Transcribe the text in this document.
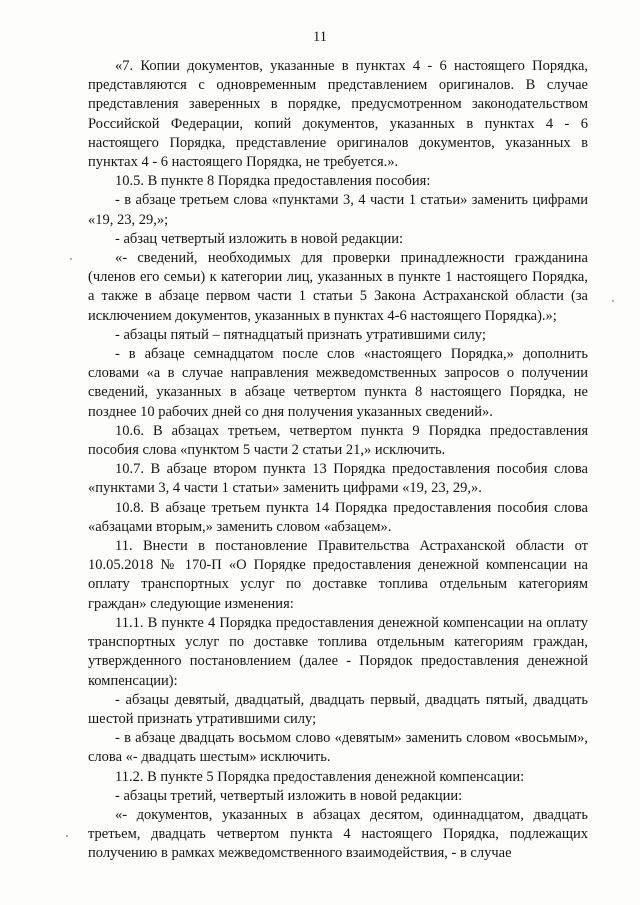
11

«7. Копии документов, указанные в пунктах 4 - 6 настоящего Порядка, представляются с одновременным представлением оригиналов. В случае представления заверенных в порядке, предусмотренном законодательством Российской Федерации, копий документов, указанных в пунктах 4 - 6 настоящего Порядка, представление оригиналов документов, указанных в пунктах 4 - 6 настоящего Порядка, не требуется.».

10.5. В пункте 8 Порядка предоставления пособия:

- в абзаце третьем слова «пунктами 3, 4 части 1 статьи» заменить цифрами «19, 23, 29,»;

- абзац четвертый изложить в новой редакции:

«- сведений, необходимых для проверки принадлежности гражданина (членов его семьи) к категории лиц, указанных в пункте 1 настоящего Порядка, а также в абзаце первом части 1 статьи 5 Закона Астраханской области (за исключением документов, указанных в пунктах 4-6 настоящего Порядка).»;

- абзацы пятый – пятнадцатый признать утратившими силу;

- в абзаце семнадцатом после слов «настоящего Порядка,» дополнить словами «а в случае направления межведомственных запросов о получении сведений, указанных в абзаце четвертом пункта 8 настоящего Порядка, не позднее 10 рабочих дней со дня получения указанных сведений».

10.6. В абзацах третьем, четвертом пункта 9 Порядка предоставления пособия слова «пунктом 5 части 2 статьи 21,» исключить.

10.7. В абзаце втором пункта 13 Порядка предоставления пособия слова «пунктами 3, 4 части 1 статьи» заменить цифрами «19, 23, 29,».

10.8. В абзаце третьем пункта 14 Порядка предоставления пособия слова «абзацами вторым,» заменить словом «абзацем».

11. Внести в постановление Правительства Астраханской области от 10.05.2018 № 170-П «О Порядке предоставления денежной компенсации на оплату транспортных услуг по доставке топлива отдельным категориям граждан» следующие изменения:

11.1. В пункте 4 Порядка предоставления денежной компенсации на оплату транспортных услуг по доставке топлива отдельным категориям граждан, утвержденного постановлением (далее - Порядок предоставления денежной компенсации):

- абзацы девятый, двадцатый, двадцать первый, двадцать пятый, двадцать шестой признать утратившими силу;

- в абзаце двадцать восьмом слово «девятым» заменить словом «восьмым», слова «- двадцать шестым» исключить.

11.2. В пункте 5 Порядка предоставления денежной компенсации:

- абзацы третий, четвертый изложить в новой редакции:

«- документов, указанных в абзацах десятом, одиннадцатом, двадцать третьем, двадцать четвертом пункта 4 настоящего Порядка, подлежащих получению в рамках межведомственного взаимодействия, - в случае
